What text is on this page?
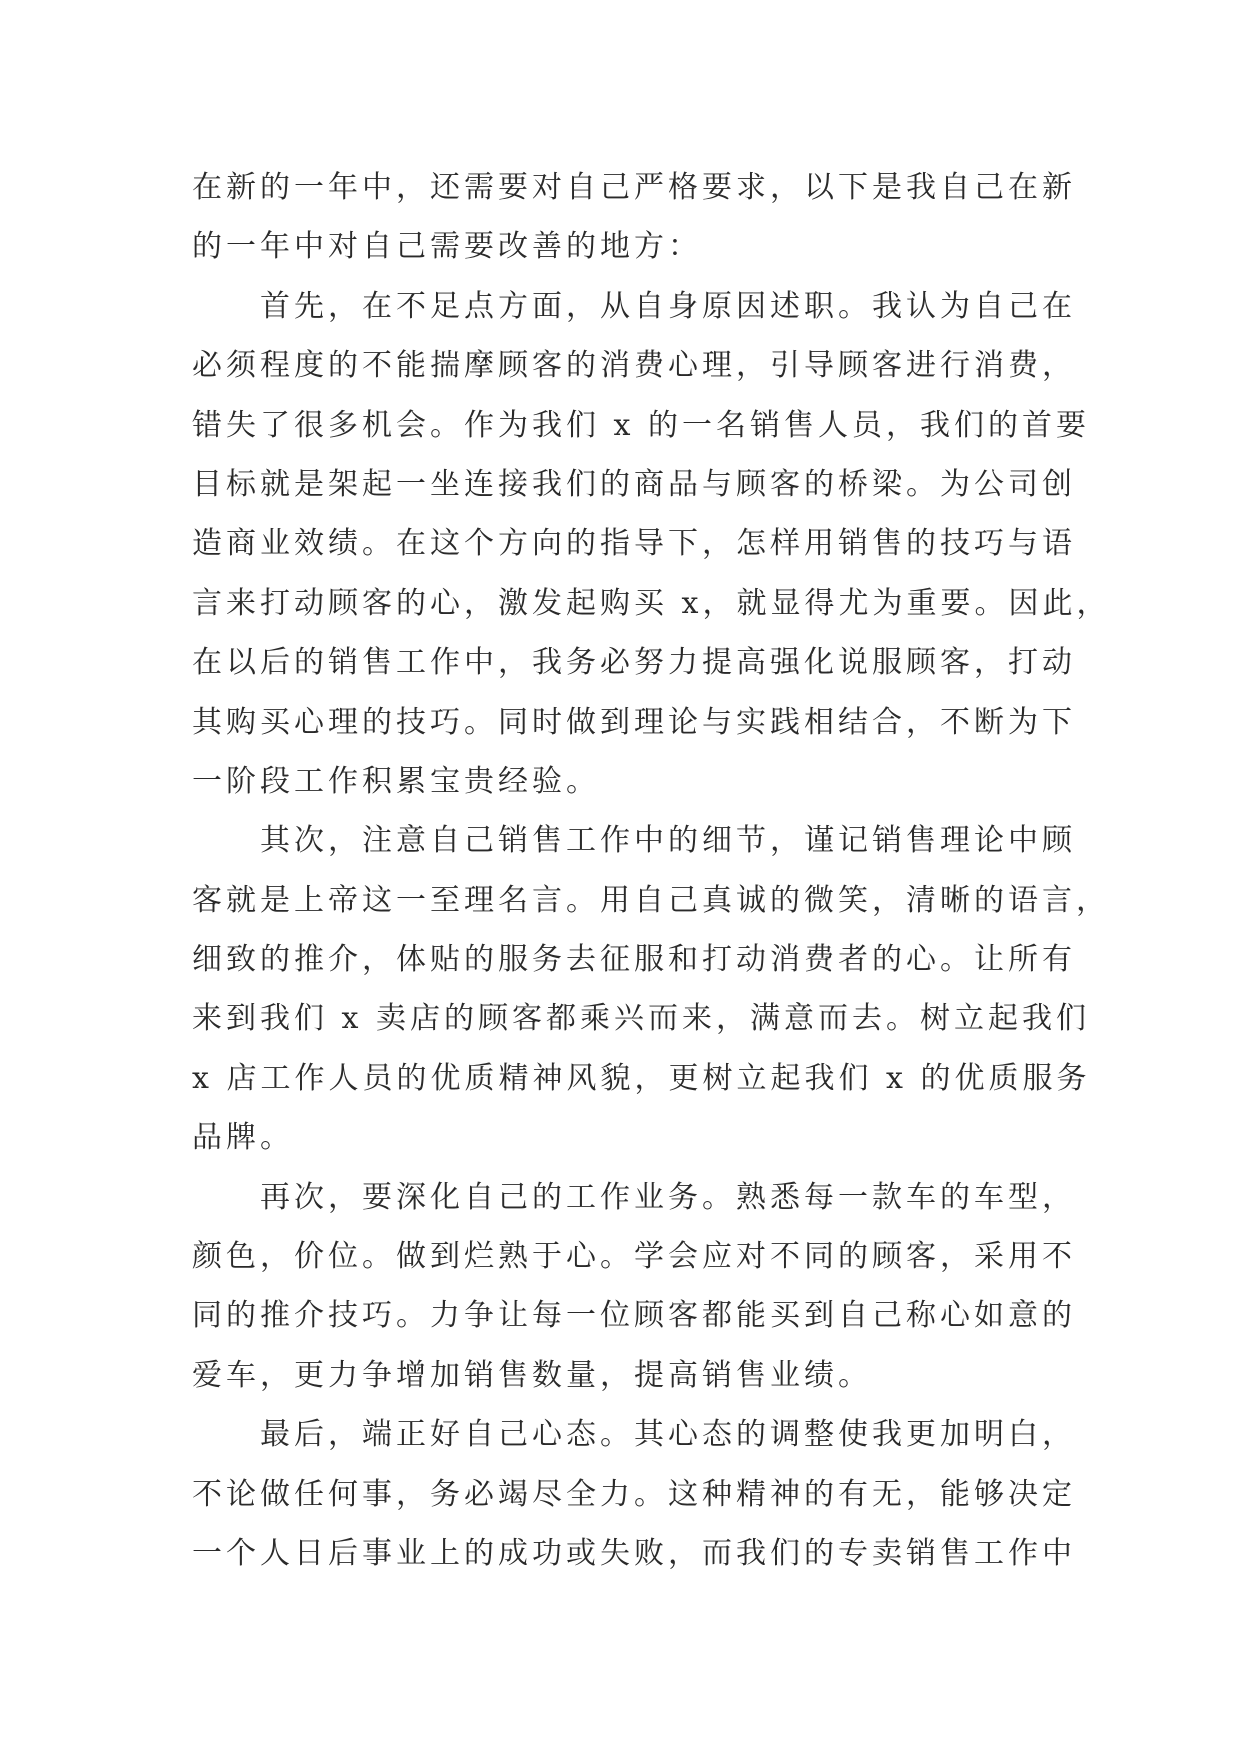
在新的一年中，还需要对自己严格要求，以下是我自己在新
的一年中对自己需要改善的地方：
首先，在不足点方面，从自身原因述职。我认为自己在
必须程度的不能揣摩顾客的消费心理，引导顾客进行消费，
错失了很多机会。作为我们 x 的一名销售人员，我们的首要
目标就是架起一坐连接我们的商品与顾客的桥梁。为公司创
造商业效绩。在这个方向的指导下，怎样用销售的技巧与语
言来打动顾客的心，激发起购买 x，就显得尤为重要。因此，
在以后的销售工作中，我务必努力提高强化说服顾客，打动
其购买心理的技巧。同时做到理论与实践相结合，不断为下
一阶段工作积累宝贵经验。
其次，注意自己销售工作中的细节，谨记销售理论中顾
客就是上帝这一至理名言。用自己真诚的微笑，清晰的语言，
细致的推介，体贴的服务去征服和打动消费者的心。让所有
来到我们 x 卖店的顾客都乘兴而来，满意而去。树立起我们
x 店工作人员的优质精神风貌，更树立起我们 x 的优质服务
品牌。
再次，要深化自己的工作业务。熟悉每一款车的车型，
颜色，价位。做到烂熟于心。学会应对不同的顾客，采用不
同的推介技巧。力争让每一位顾客都能买到自己称心如意的
爱车，更力争增加销售数量，提高销售业绩。
最后，端正好自己心态。其心态的调整使我更加明白，
不论做任何事，务必竭尽全力。这种精神的有无，能够决定
一个人日后事业上的成功或失败，而我们的专卖销售工作中
